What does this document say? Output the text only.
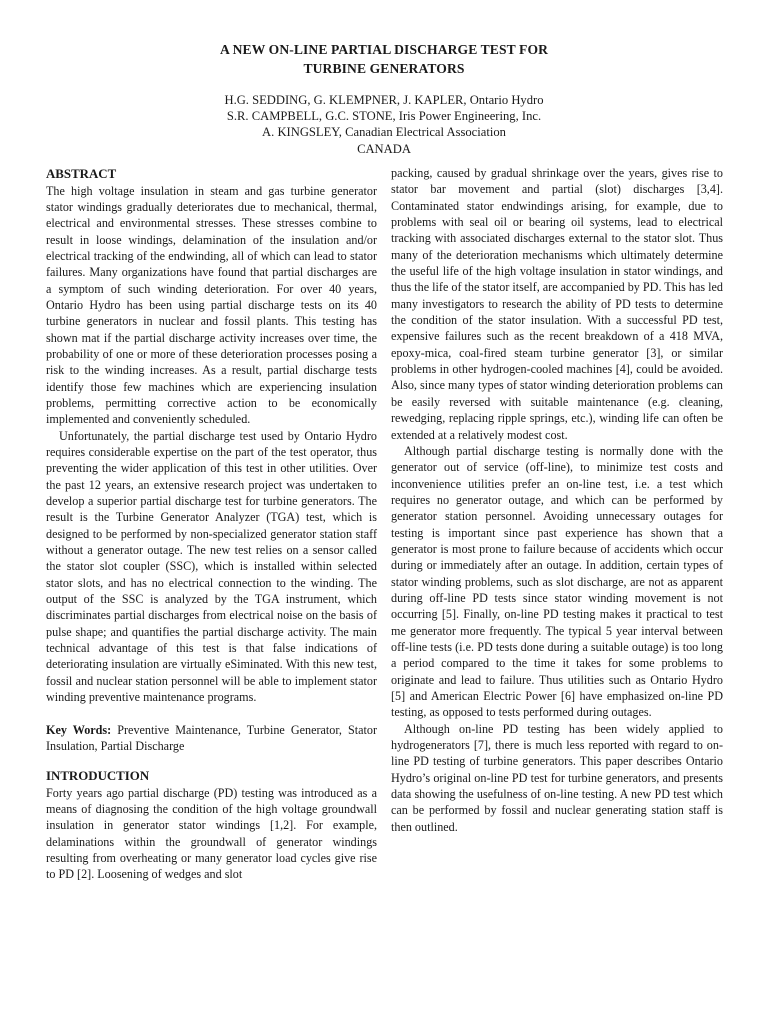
A NEW ON-LINE PARTIAL DISCHARGE TEST FOR
TURBINE GENERATORS
H.G. SEDDING, G. KLEMPNER, J. KAPLER, Ontario Hydro
S.R. CAMPBELL, G.C. STONE, Iris Power Engineering, Inc.
A. KINGSLEY, Canadian Electrical Association
CANADA
ABSTRACT

The high voltage insulation in steam and gas turbine generator stator windings gradually deteriorates due to mechanical, thermal, electrical and environmental stresses. These stresses combine to result in loose windings, delamination of the insulation and/or electrical tracking of the endwinding, all of which can lead to stator failures. Many organizations have found that partial discharges are a symptom of such winding deterioration. For over 40 years, Ontario Hydro has been using partial discharge tests on its 40 turbine generators in nuclear and fossil plants. This testing has shown mat if the partial discharge activity increases over time, the probability of one or more of these deterioration processes posing a risk to the winding increases. As a result, partial discharge tests identify those few machines which are experiencing insulation problems, permitting corrective action to be economically implemented and conveniently scheduled.

Unfortunately, the partial discharge test used by Ontario Hydro requires considerable expertise on the part of the test operator, thus preventing the wider application of this test in other utilities. Over the past 12 years, an extensive research project was undertaken to develop a superior partial discharge test for turbine generators. The result is the Turbine Generator Analyzer (TGA) test, which is designed to be performed by non-specialized generator station staff without a generator outage. The new test relies on a sensor called the stator slot coupler (SSC), which is installed within selected stator slots, and has no electrical connection to the winding. The output of the SSC is analyzed by the TGA instrument, which discriminates partial discharges from electrical noise on the basis of pulse shape; and quantifies the partial discharge activity. The main technical advantage of this test is that false indications of deteriorating insulation are virtually eSiminated. With this new test, fossil and nuclear station personnel will be able to implement stator winding preventive maintenance programs.

Key Words: Preventive Maintenance, Turbine Generator, Stator Insulation, Partial Discharge

INTRODUCTION

Forty years ago partial discharge (PD) testing was introduced as a means of diagnosing the condition of the high voltage groundwall insulation in generator stator windings [1,2]. For example, delaminations within the groundwall of generator windings resulting from overheating or many generator load cycles give rise to PD [2]. Loosening of wedges and slot

packing, caused by gradual shrinkage over the years, gives rise to stator bar movement and partial (slot) discharges [3,4]. Contaminated stator endwindings arising, for example, due to problems with seal oil or bearing oil systems, lead to electrical tracking with associated discharges external to the stator slot. Thus many of the deterioration mechanisms which ultimately determine the useful life of the high voltage insulation in stator windings, and thus the life of the stator itself, are accompanied by PD. This has led many investigators to research the ability of PD tests to determine the condition of the stator insulation. With a successful PD test, expensive failures such as the recent breakdown of a 418 MVA, epoxy-mica, coal-fired steam turbine generator [3], or similar problems in other hydrogen-cooled machines [4], could be avoided. Also, since many types of stator winding deterioration problems can be easily reversed with suitable maintenance (e.g. cleaning, rewedging, replacing ripple springs, etc.), winding life can often be extended at a relatively modest cost.

Although partial discharge testing is normally done with the generator out of service (off-line), to minimize test costs and inconvenience utilities prefer an on-line test, i.e. a test which requires no generator outage, and which can be performed by generator station personnel. Avoiding unnecessary outages for testing is important since past experience has shown that a generator is most prone to failure because of accidents which occur during or immediately after an outage. In addition, certain types of stator winding problems, such as slot discharge, are not as apparent during off-line PD tests since stator winding movement is not occurring [5]. Finally, on-line PD testing makes it practical to test me generator more frequently. The typical 5 year interval between off-line tests (i.e. PD tests done during a suitable outage) is too long a period compared to the time it takes for some problems to originate and lead to failure. Thus utilities such as Ontario Hydro [5] and American Electric Power [6] have emphasized on-line PD testing, as opposed to tests performed during outages.

Although on-line PD testing has been widely applied to hydrogenerators [7], there is much less reported with regard to on-line PD testing of turbine generators. This paper describes Ontario Hydro’s original on-line PD test for turbine generators, and presents data showing the usefulness of on-line testing. A new PD test which can be performed by fossil and nuclear generating station staff is then outlined.
